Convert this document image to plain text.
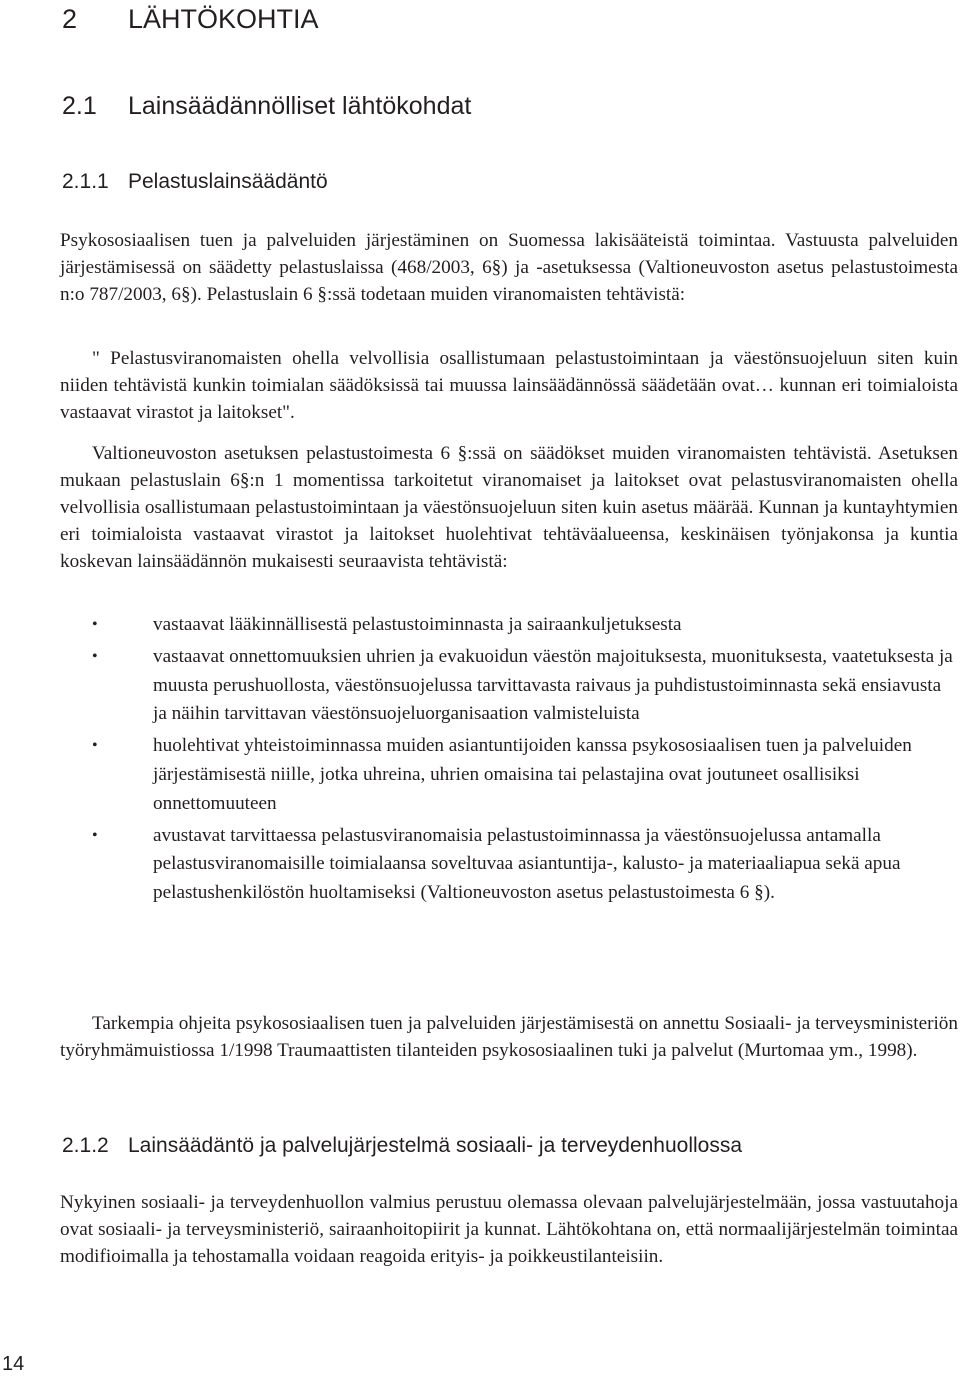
2 LÄHTÖKOHTIA
2.1 Lainsäädännölliset lähtökohdat
2.1.1 Pelastuslainsäädäntö

Psykososiaalisen tuen ja palveluiden järjestäminen on Suomessa lakisääteistä toimintaa. Vastuusta palveluiden järjestämisessä on säädetty pelastuslaissa (468/2003, 6§) ja -asetuksessa (Valtioneuvoston asetus pelastustoimesta n:o 787/2003, 6§). Pelastuslain 6 §:ssä todetaan muiden viranomaisten tehtävistä:

" Pelastusviranomaisten ohella velvollisia osallistumaan pelastustoimintaan ja väestönsuojeluun siten kuin niiden tehtävistä kunkin toimialan säädöksissä tai muussa lainsäädännössä säädetään ovat… kunnan eri toimialoista vastaavat virastot ja laitokset".

Valtioneuvoston asetuksen pelastustoimesta 6 §:ssä on säädökset muiden viranomaisten tehtävistä. Asetuksen mukaan pelastuslain 6§:n 1 momentissa tarkoitetut viranomaiset ja laitokset ovat pelastusviranomaisten ohella velvollisia osallistumaan pelastustoimintaan ja väestönsuojeluun siten kuin asetus määrää. Kunnan ja kuntayhtymien eri toimialoista vastaavat virastot ja laitokset huolehtivat tehtäväalueensa, keskinäisen työnjakonsa ja kuntia koskevan lainsäädännön mukaisesti seuraavista tehtävistä:

•	vastaavat lääkinnällisestä pelastustoiminnasta ja sairaankuljetuksesta
•	vastaavat onnettomuuksien uhrien ja evakuoidun väestön majoituksesta, muonituksesta, vaatetuksesta ja muusta perushuollosta, väestönsuojelussa tarvittavasta raivaus ja puhdistustoiminnasta sekä ensiavusta ja näihin tarvittavan väestönsuojeluorganisaation valmisteluista
•	huolehtivat yhteistoiminnassa muiden asiantuntijoiden kanssa psykososiaalisen tuen ja palveluiden järjestämisestä niille, jotka uhreina, uhrien omaisina tai pelastajina ovat joutuneet osallisiksi onnettomuuteen
•	avustavat tarvittaessa pelastusviranomaisia pelastustoiminnassa ja väestönsuojelussa antamalla pelastusviranomaisille toimialaansa soveltuvaa asiantuntija-, kalusto- ja materiaaliapua sekä apua pelastushenkilöstön huoltamiseksi (Valtioneuvoston asetus pelastustoimesta 6 §).

Tarkempia ohjeita psykososiaalisen tuen ja palveluiden järjestämisestä on annettu Sosiaali- ja terveysministeriön työryhmämuistiossa 1/1998 Traumaattisten tilanteiden psykososiaalinen tuki ja palvelut (Murtomaa ym., 1998).

2.1.2 Lainsäädäntö ja palvelujärjestelmä sosiaali- ja terveydenhuollossa

Nykyinen sosiaali- ja terveydenhuollon valmius perustuu olemassa olevaan palvelujärjestelmään, jossa vastuutahoja ovat sosiaali- ja terveysministeriö, sairaanhoitopiirit ja kunnat. Lähtökohtana on, että normaalijärjestelmän toimintaa modifioimalla ja tehostamalla voidaan reagoida erityis- ja poikkeustilanteisiin.

14
